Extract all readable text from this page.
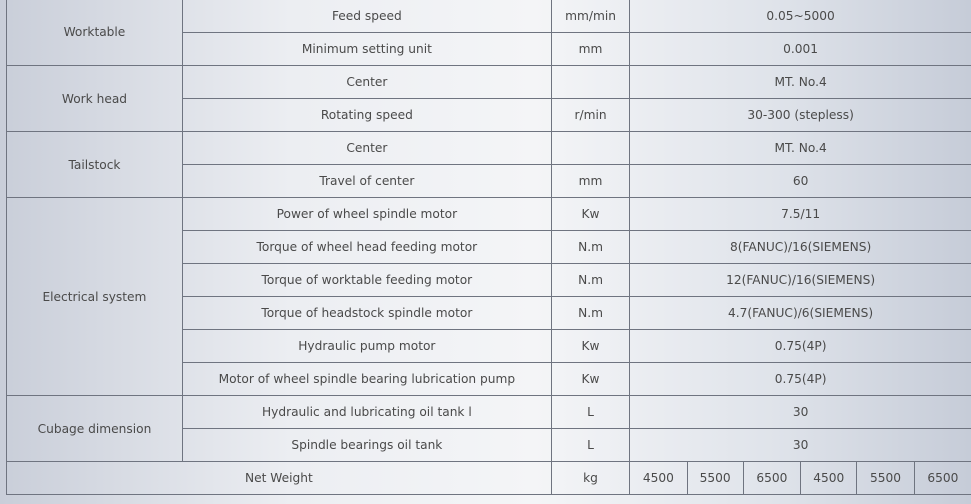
Worktable	Feed speed	mm/min	0.05~5000					
	Minimum setting unit	mm	0.001					
Work head	Center		MT. No.4					
	Rotating speed	r/min	30-300 (stepless)					
Tailstock	Center		MT. No.4					
	Travel of center	mm	60					
Electrical system	Power of wheel spindle motor	Kw	7.5/11					
	Torque of wheel head feeding motor	N.m	8(FANUC)/16(SIEMENS)					
	Torque of worktable feeding motor	N.m	12(FANUC)/16(SIEMENS)					
	Torque of headstock spindle motor	N.m	4.7(FANUC)/6(SIEMENS)					
	Hydraulic pump motor	Kw	0.75(4P)					
	Motor of wheel spindle bearing lubrication pump	Kw	0.75(4P)					
Cubage dimension	Hydraulic and lubricating oil tank l	L	30					
	Spindle bearings oil tank	L	30					
Net Weight		kg	4500	5500	6500	4500	5500	6500
